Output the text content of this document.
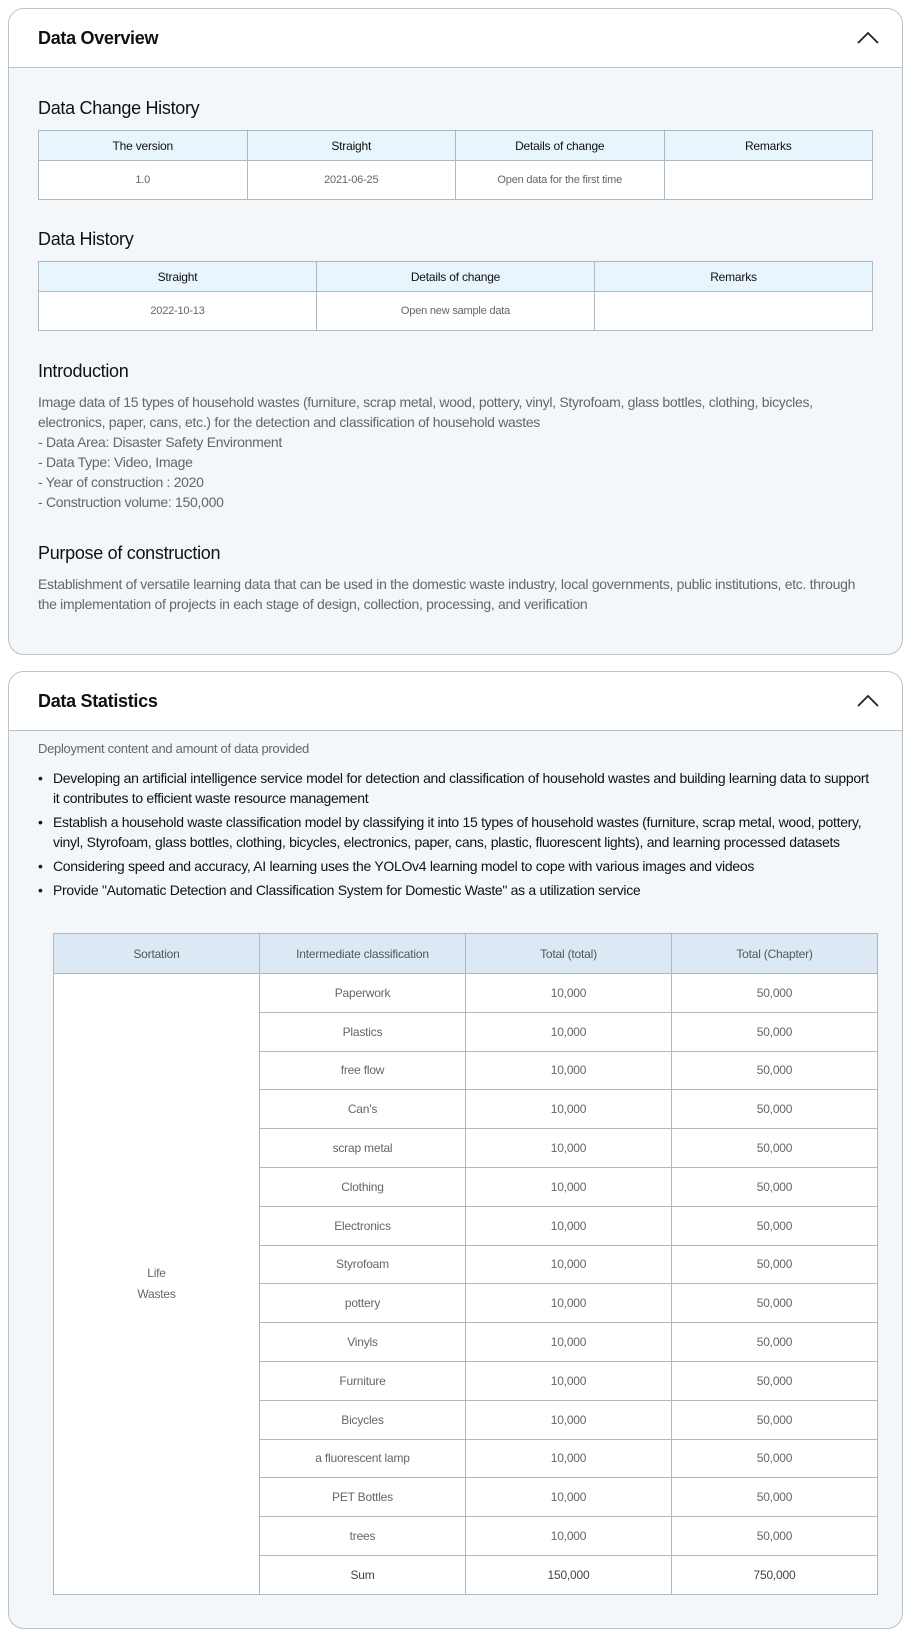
Data Overview
Data Change History
The version	Straight	Details of change	Remarks
1.0	2021-06-25	Open data for the first time	
Data History
Straight	Details of change	Remarks
2022-10-13	Open new sample data	
Introduction
Image data of 15 types of household wastes (furniture, scrap metal, wood, pottery, vinyl, Styrofoam, glass bottles, clothing, bicycles, electronics, paper, cans, etc.) for the detection and classification of household wastes
- Data Area: Disaster Safety Environment
- Data Type: Video, Image
- Year of construction : 2020
- Construction volume: 150,000
Purpose of construction
Establishment of versatile learning data that can be used in the domestic waste industry, local governments, public institutions, etc. through the implementation of projects in each stage of design, collection, processing, and verification
Data Statistics
Deployment content and amount of data provided
• Developing an artificial intelligence service model for detection and classification of household wastes and building learning data to support it contributes to efficient waste resource management
• Establish a household waste classification model by classifying it into 15 types of household wastes (furniture, scrap metal, wood, pottery, vinyl, Styrofoam, glass bottles, clothing, bicycles, electronics, paper, cans, plastic, fluorescent lights), and learning processed datasets
• Considering speed and accuracy, AI learning uses the YOLOv4 learning model to cope with various images and videos
• Provide "Automatic Detection and Classification System for Domestic Waste" as a utilization service
Sortation	Intermediate classification	Total (total)	Total (Chapter)

Life
Wastes	Paperwork	10,000	50,000
	Plastics	10,000	50,000
	free flow	10,000	50,000
	Can's	10,000	50,000
	scrap metal	10,000	50,000
	Clothing	10,000	50,000
	Electronics	10,000	50,000
	Styrofoam	10,000	50,000
	pottery	10,000	50,000
	Vinyls	10,000	50,000
	Furniture	10,000	50,000
	Bicycles	10,000	50,000
	a fluorescent lamp	10,000	50,000
	PET Bottles	10,000	50,000
	trees	10,000	50,000
	Sum	150,000	750,000
